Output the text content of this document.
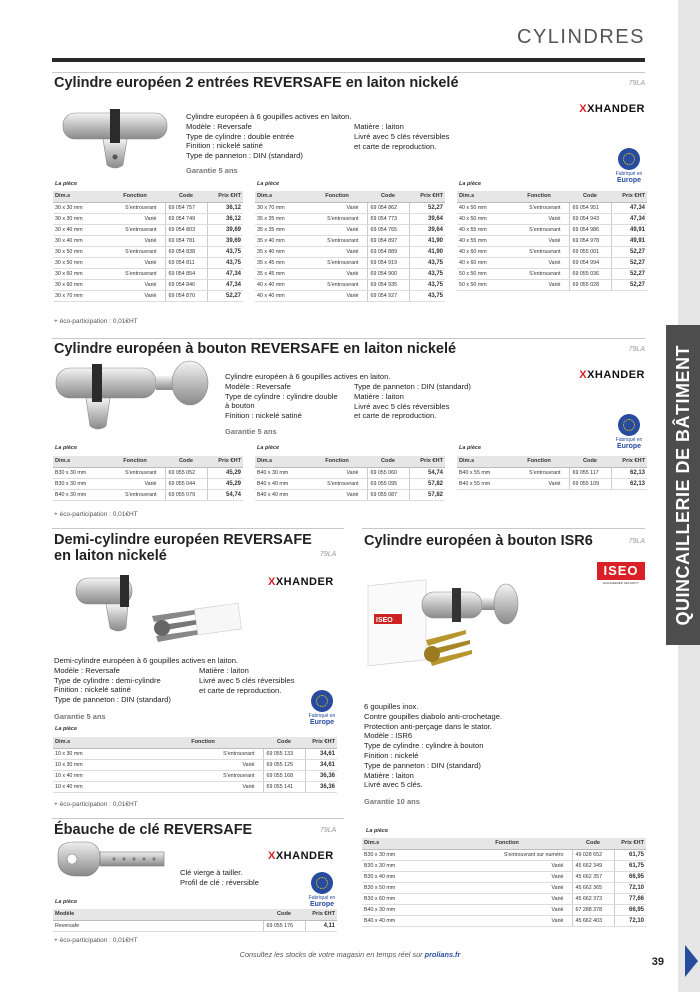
CYLINDRES
QUINCAILLERIE DE BÂTIMENT
Cylindre européen 2 entrées REVERSAFE en laiton nickelé	79LA
XXHANDER
Cylindre européen à 6 goupilles actives en laiton.
Modèle : Reversafe
Type de cylindre : double entrée
Finition : nickelé satiné
Type de panneton : DIN (standard)
Matière : laiton
Livré avec 5 clés réversibles
et carte de reproduction.
Garantie 5 ans	Fabriqué en
Europe
La pièce	La pièce	La pièce
Dim.s	Fonction	Code	Prix €HT
30 x 30 mm	S'entrouvrant	69 054 757	36,12
30 x 30 mm	Varié	69 054 749	36,12
30 x 40 mm	S'entrouvrant	69 054 803	39,69
30 x 40 mm	Varié	69 054 781	39,69
30 x 50 mm	S'entrouvrant	69 054 838	43,75
30 x 50 mm	Varié	69 054 811	43,75
30 x 60 mm	S'entrouvrant	69 054 854	47,34
30 x 60 mm	Varié	69 054 846	47,34
30 x 70 mm	Varié	69 054 870	52,27
Dim.s	Fonction	Code	Prix €HT
30 x 70 mm	Varié	69 054 862	52,27
35 x 35 mm	S'entrouvrant	69 054 773	39,64
35 x 35 mm	Varié	69 054 765	39,64
35 x 40 mm	S'entrouvrant	69 054 897	41,90
35 x 40 mm	Varié	69 054 889	41,90
35 x 45 mm	S'entrouvrant	69 054 919	43,75
35 x 45 mm	Varié	69 054 900	43,75
40 x 40 mm	S'entrouvrant	69 054 935	43,75
40 x 40 mm	Varié	69 054 927	43,75
Dim.s	Fonction	Code	Prix €HT
40 x 50 mm	S'entrouvrant	69 054 951	47,34
40 x 50 mm	Varié	69 054 943	47,34
40 x 55 mm	S'entrouvrant	69 054 986	49,91
40 x 55 mm	Varié	69 054 978	49,91
40 x 60 mm	S'entrouvrant	69 055 001	52,27
40 x 60 mm	Varié	69 054 994	52,27
50 x 50 mm	S'entrouvrant	69 055 036	52,27
50 x 50 mm	Varié	69 055 028	52,27
+ éco-participation : 0,01€HT
Cylindre européen à bouton REVERSAFE en laiton nickelé	79LA
XXHANDER
Cylindre européen à 6 goupilles actives en laiton.
Modèle : Reversafe
Type de cylindre : cylindre double
à bouton
Finition : nickelé satiné
Type de panneton : DIN (standard)
Matière : laiton
Livré avec 5 clés réversibles
et carte de reproduction.
Garantie 5 ans
Fabriqué en
Europe
La pièce	La pièce	La pièce
Dim.s	Fonction	Code	Prix €HT
B30 x 30 mm	S'entrouvrant	69 055 052	45,29
B30 x 30 mm	Varié	69 055 044	45,29
B40 x 30 mm	S'entrouvrant	69 055 079	54,74
Dim.s	Fonction	Code	Prix €HT
B40 x 30 mm	Varié	69 055 060	54,74
B40 x 40 mm	S'entrouvrant	69 055 095	57,82
B40 x 40 mm	Varié	69 055 087	57,82
Dim.s	Fonction	Code	Prix €HT
B40 x 55 mm	S'entrouvrant	69 055 117	62,13
B40 x 55 mm	Varié	69 055 109	62,13
+ éco-participation : 0,01€HT
Demi-cylindre européen REVERSAFE
en laiton nickelé	79LA
XXHANDER
Demi-cylindre européen à 6 goupilles actives en laiton.
Modèle : Reversafe
Type de cylindre : demi-cylindre
Finition : nickelé satiné
Type de panneton : DIN (standard)
Matière : laiton
Livré avec 5 clés réversibles
et carte de reproduction.
Garantie 5 ans	Fabriqué en
Europe
La pièce
Dim.s	Fonction	Code	Prix €HT
10 x 30 mm	S'entrouvrant	69 055 133	34,61
10 x 30 mm	Varié	69 055 125	34,61
10 x 40 mm	S'entrouvrant	69 055 168	36,36
10 x 40 mm	Varié	69 055 141	36,36
+ éco-participation : 0,01€HT
Ébauche de clé REVERSAFE	79LA
XXHANDER
Clé vierge à tailler.
Profil de clé : réversible
Fabriqué en
Europe
La pièce
Modèle		Code	Prix €HT
Reversafe		69 055 176	4,11
+ éco-participation : 0,01€HT
Cylindre européen à bouton ISR6	79LA
ISEO
ENGINEERED SECURITY
ISEO
6 goupilles inox.
Contre goupilles diabolo anti-crochetage.
Protection anti-perçage dans le stator.
Modèle : ISR6
Type de cylindre : cylindre à bouton
Finition : nickelé
Type de panneton : DIN (standard)
Matière : laiton
Livré avec 5 clés.
Garantie 10 ans
La pièce
Dim.s	Fonction	Code	Prix €HT
B30 x 30 mm	S'entrouvrant sur numéro	49 028 652	61,75
B30 x 30 mm	Varié	45 662 349	61,75
B30 x 40 mm	Varié	45 662 357	66,95
B30 x 50 mm	Varié	45 662 365	72,10
B30 x 60 mm	Varié	45 662 373	77,66
B40 x 30 mm	Varié	67 288 378	66,95
B40 x 40 mm	Varié	45 662 403	72,10
Consultez les stocks de votre magasin en temps réel sur prolians.fr
39
